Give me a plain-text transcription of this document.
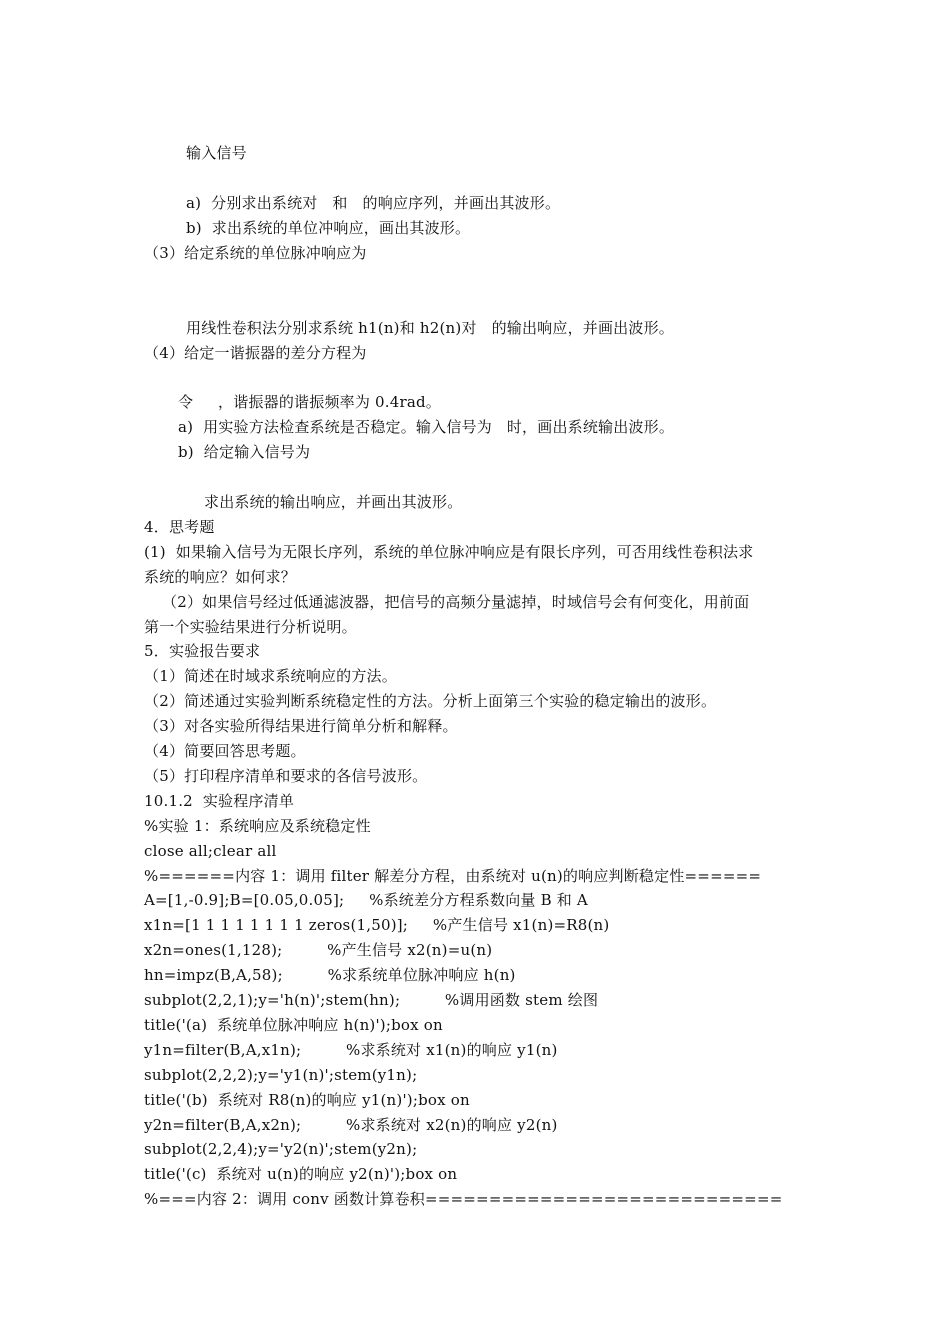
输入信号
a)  分别求出系统对   和   的响应序列，并画出其波形。
b)  求出系统的单位冲响应，画出其波形。
（3）给定系统的单位脉冲响应为
用线性卷积法分别求系统 h1(n)和 h2(n)对   的输出响应，并画出波形。
（4）给定一谐振器的差分方程为
令     ，谐振器的谐振频率为 0.4rad。
a)  用实验方法检查系统是否稳定。输入信号为   时，画出系统输出波形。
b)  给定输入信号为
求出系统的输出响应，并画出其波形。
4．思考题
(1)  如果输入信号为无限长序列，系统的单位脉冲响应是有限长序列，可否用线性卷积法求
系统的响应？如何求？
（2）如果信号经过低通滤波器，把信号的高频分量滤掉，时域信号会有何变化，用前面
第一个实验结果进行分析说明。
5．实验报告要求
（1）简述在时域求系统响应的方法。
（2）简述通过实验判断系统稳定性的方法。分析上面第三个实验的稳定输出的波形。
（3）对各实验所得结果进行简单分析和解释。
（4）简要回答思考题。
（5）打印程序清单和要求的各信号波形。
10.1.2  实验程序清单
%实验 1：系统响应及系统稳定性
close all;clear all
%======内容 1：调用 filter 解差分方程，由系统对 u(n)的响应判断稳定性======
A=[1,-0.9];B=[0.05,0.05];     %系统差分方程系数向量 B 和 A
x1n=[1 1 1 1 1 1 1 1 zeros(1,50)];     %产生信号 x1(n)=R8(n)
x2n=ones(1,128);         %产生信号 x2(n)=u(n)
hn=impz(B,A,58);         %求系统单位脉冲响应 h(n)
subplot(2,2,1);y='h(n)';stem(hn);         %调用函数 stem 绘图
title('(a)  系统单位脉冲响应 h(n)');box on
y1n=filter(B,A,x1n);         %求系统对 x1(n)的响应 y1(n)
subplot(2,2,2);y='y1(n)';stem(y1n);
title('(b)  系统对 R8(n)的响应 y1(n)');box on
y2n=filter(B,A,x2n);         %求系统对 x2(n)的响应 y2(n)
subplot(2,2,4);y='y2(n)';stem(y2n);
title('(c)  系统对 u(n)的响应 y2(n)');box on
%===内容 2：调用 conv 函数计算卷积============================
